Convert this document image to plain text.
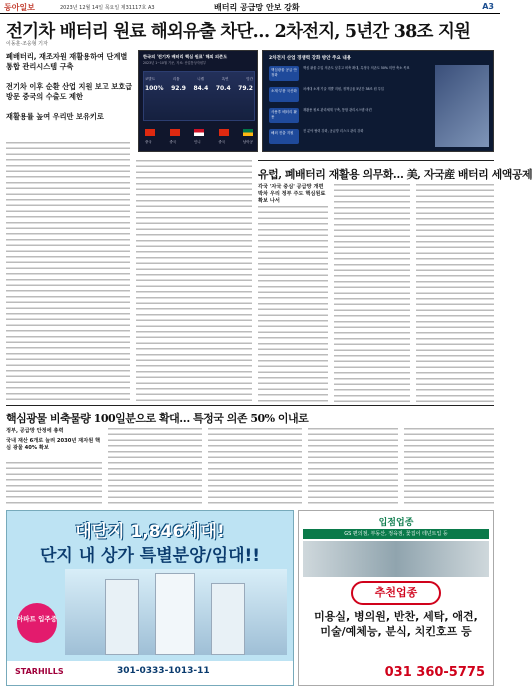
동아일보	2023년 12월 14일 목요일 제31117호 A3	배터리 공급망 안보 강화	A3
전기차 배터리 원료 해외유출 차단… 2차전지, 5년간 38조 지원
이동훈·조응형 기자
폐배터리, 재조자원 재활용하여 단계별 통합 관리시스템 구축
전기차 이후 순환 산업 지원 보고 보호급 방문 중국의 수출도 제한
재활용률 높여 우리만 보유키로
한국의 '전기차 배터리 핵심 원료' 해외 의존도
2023년 1~10월 기준, 자료: 산업통상자원부
100% 92.9 84.4 70.4 79.2
코발트	리튬	니켈	흑연	망간
중국	중국	인니	중국	남아공
2차전지 산업 경쟁력 강화 방안 주요 내용
핵심광물 공급 안정화
핵심 광물 수입 의존도 낮추고 비축 확대, 특정국 의존도 50% 미만 축소 목표
소재·부품 국산화	차세대 소재 기술 개발 지원, 정책금융 5년간 38조 원 투입
사용후 배터리 활용
재활용 원료 관리체계 구축, 통합 관리시스템 마련
해외 진출 지원	전 분야 협력 강화, 공급망 리스크 관리 강화
유럽, 폐배터리 재활용 의무화… 美, 자국産 배터리 세액공제
각국 '자국 중심' 공급망 개편 박차 우리 정부 주도 핵심원료 확보 나서
핵심광물 비축물량 100일분으로 확대… 특정국 의존 50% 이내로
정부, 공급망 안정에 총력
국내 재산 6개로 늘려 2030년 재자원 핵심 광물 40% 확보
대단지 1,846세대!
단지 내 상가 특별분양/임대!!
아파트 입주중
STARHILLS	301-0333-1013-11
입점업종
GS 편의점, 부동산, 정육점, 꽃집이 테넌트입 등
추천업종
미용실, 병의원, 반찬, 세탁, 애견, 미술/예체능, 분식, 치킨호프 등
031 360-5775
